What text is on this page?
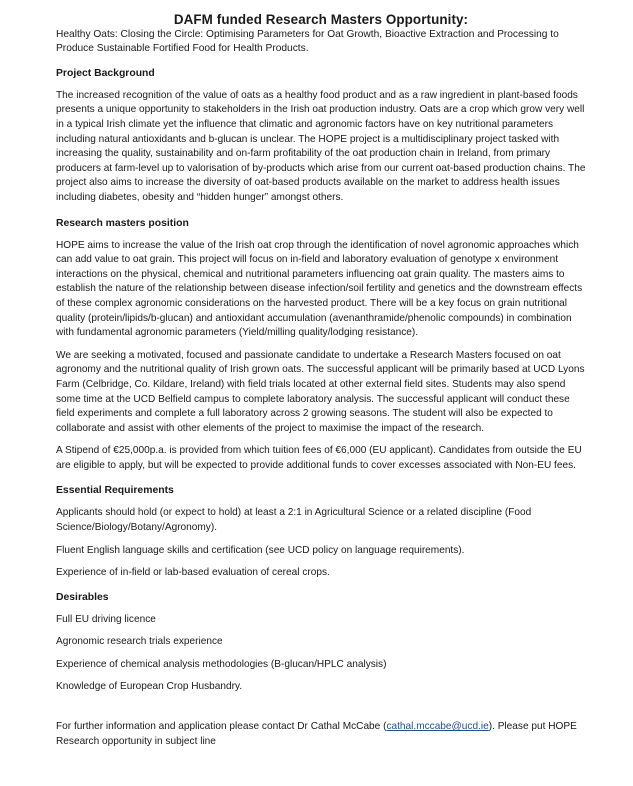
DAFM funded Research Masters Opportunity:

Healthy Oats: Closing the Circle: Optimising Parameters for Oat Growth, Bioactive Extraction and Processing to Produce Sustainable Fortified Food for Health Products.

Project Background

The increased recognition of the value of oats as a healthy food product and as a raw ingredient in plant-based foods presents a unique opportunity to stakeholders in the Irish oat production industry. Oats are a crop which grow very well in a typical Irish climate yet the influence that climatic and agronomic factors have on key nutritional parameters including natural antioxidants and b-glucan is unclear. The HOPE project is a multidisciplinary project tasked with increasing the quality, sustainability and on-farm profitability of the oat production chain in Ireland, from primary producers at farm-level up to valorisation of by-products which arise from our current oat-based production chains. The project also aims to increase the diversity of oat-based products available on the market to address health issues including diabetes, obesity and “hidden hunger” amongst others.

Research masters position

HOPE aims to increase the value of the Irish oat crop through the identification of novel agronomic approaches which can add value to oat grain. This project will focus on in-field and laboratory evaluation of genotype x environment interactions on the physical, chemical and nutritional parameters influencing oat grain quality. The masters aims to establish the nature of the relationship between disease infection/soil fertility and genetics and the downstream effects of these complex agronomic considerations on the harvested product. There will be a key focus on grain nutritional quality (protein/lipids/b-glucan) and antioxidant accumulation (avenanthramide/phenolic compounds) in combination with fundamental agronomic parameters (Yield/milling quality/lodging resistance).

We are seeking a motivated, focused and passionate candidate to undertake a Research Masters focused on oat agronomy and the nutritional quality of Irish grown oats. The successful applicant will be primarily based at UCD Lyons Farm (Celbridge, Co. Kildare, Ireland) with field trials located at other external field sites. Students may also spend some time at the UCD Belfield campus to complete laboratory analysis. The successful applicant will conduct these field experiments and complete a full laboratory across 2 growing seasons. The student will also be expected to collaborate and assist with other elements of the project to maximise the impact of the research.

A Stipend of €25,000p.a. is provided from which tuition fees of €6,000 (EU applicant). Candidates from outside the EU are eligible to apply, but will be expected to provide additional funds to cover excesses associated with Non-EU fees.

Essential Requirements

Applicants should hold (or expect to hold) at least a 2:1 in Agricultural Science or a related discipline (Food Science/Biology/Botany/Agronomy).

Fluent English language skills and certification (see UCD policy on language requirements).

Experience of in-field or lab-based evaluation of cereal crops.

Desirables

Full EU driving licence

Agronomic research trials experience

Experience of chemical analysis methodologies (B-glucan/HPLC analysis)

Knowledge of European Crop Husbandry.

For further information and application please contact Dr Cathal McCabe (cathal.mccabe@ucd.ie). Please put HOPE Research opportunity in subject line
